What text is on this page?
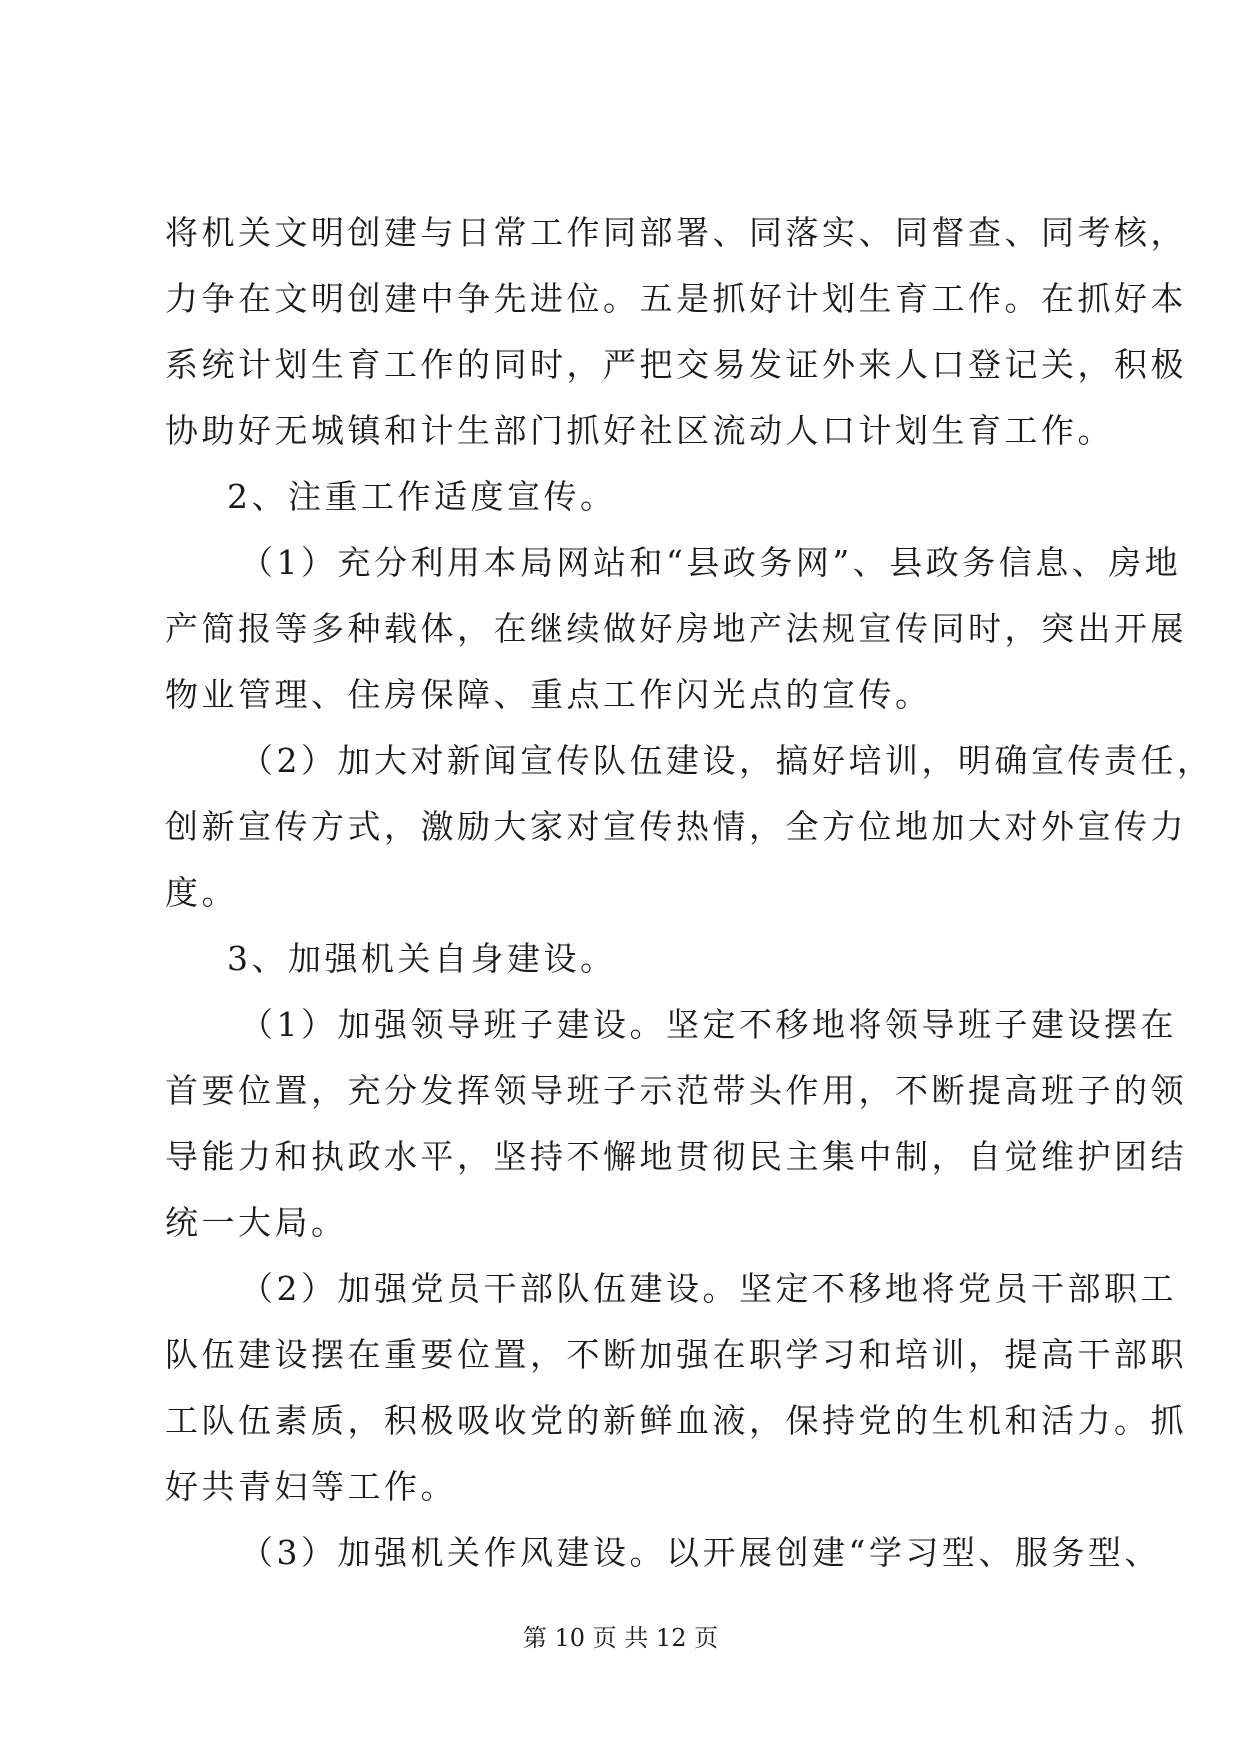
将机关文明创建与日常工作同部署、同落实、同督查、同考核，
力争在文明创建中争先进位。五是抓好计划生育工作。在抓好本
系统计划生育工作的同时，严把交易发证外来人口登记关，积极
协助好无城镇和计生部门抓好社区流动人口计划生育工作。
2、注重工作适度宣传。
（1）充分利用本局网站和“县政务网”、县政务信息、房地
产简报等多种载体，在继续做好房地产法规宣传同时，突出开展
物业管理、住房保障、重点工作闪光点的宣传。
（2）加大对新闻宣传队伍建设，搞好培训，明确宣传责任，
创新宣传方式，激励大家对宣传热情，全方位地加大对外宣传力
度。
3、加强机关自身建设。
（1）加强领导班子建设。坚定不移地将领导班子建设摆在
首要位置，充分发挥领导班子示范带头作用，不断提高班子的领
导能力和执政水平，坚持不懈地贯彻民主集中制，自觉维护团结
统一大局。
（2）加强党员干部队伍建设。坚定不移地将党员干部职工
队伍建设摆在重要位置，不断加强在职学习和培训，提高干部职
工队伍素质，积极吸收党的新鲜血液，保持党的生机和活力。抓
好共青妇等工作。
（3）加强机关作风建设。以开展创建“学习型、服务型、
第 10 页 共 12 页
